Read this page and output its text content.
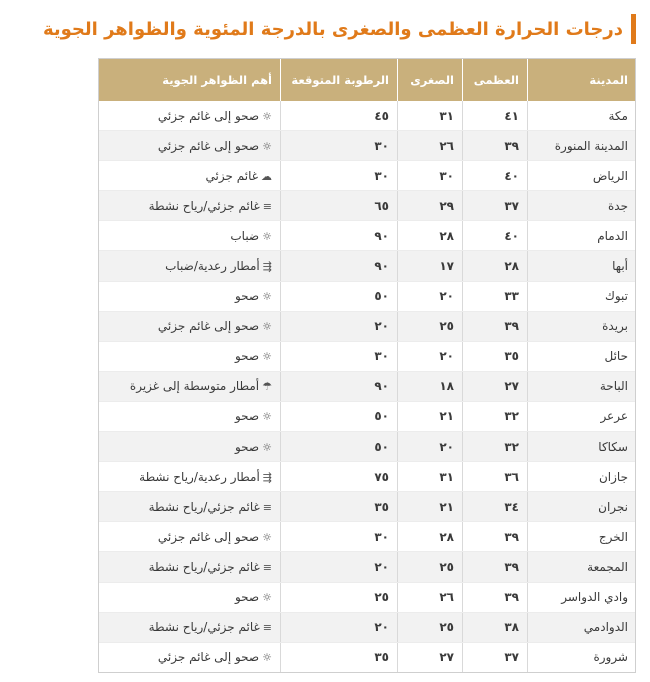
درجات الحرارة العظمى والصغرى بالدرجة المئوية والظواهر الجوية
المدينة	العظمى	الصغرى	الرطوبة المتوقعة	أهم الظواهر الجوية
مكة	٤١	٣١	٤٥	☼صحو إلى غائم جزئي
المدينة المنورة	٣٩	٢٦	٣٠	☼صحو إلى غائم جزئي
الرياض	٤٠	٣٠	٣٠	☁غائم جزئي
جدة	٣٧	٢٩	٦٥	≡غائم جزئي/رياح نشطة
الدمام	٤٠	٢٨	٩٠	☼ضباب
أبها	٢٨	١٧	٩٠	⇶أمطار رعدية/ضباب
تبوك	٣٣	٢٠	٥٠	☼صحو
بريدة	٣٩	٢٥	٢٠	☼صحو إلى غائم جزئي
حائل	٣٥	٢٠	٣٠	☼صحو
الباحة	٢٧	١٨	٩٠	☂أمطار متوسطة إلى غزيرة
عرعر	٣٢	٢١	٥٠	☼صحو
سكاكا	٣٢	٢٠	٥٠	☼صحو
جازان	٣٦	٣١	٧٥	⇶أمطار رعدية/رياح نشطة
نجران	٣٤	٢١	٣٥	≡غائم جزئي/رياح نشطة
الخرج	٣٩	٢٨	٣٠	☼صحو إلى غائم جزئي
المجمعة	٣٩	٢٥	٢٠	≡غائم جزئي/رياح نشطة
وادي الدواسر	٣٩	٢٦	٢٥	☼صحو
الدوادمي	٣٨	٢٥	٢٠	≡غائم جزئي/رياح نشطة
شرورة	٣٧	٢٧	٣٥	☼صحو إلى غائم جزئي
